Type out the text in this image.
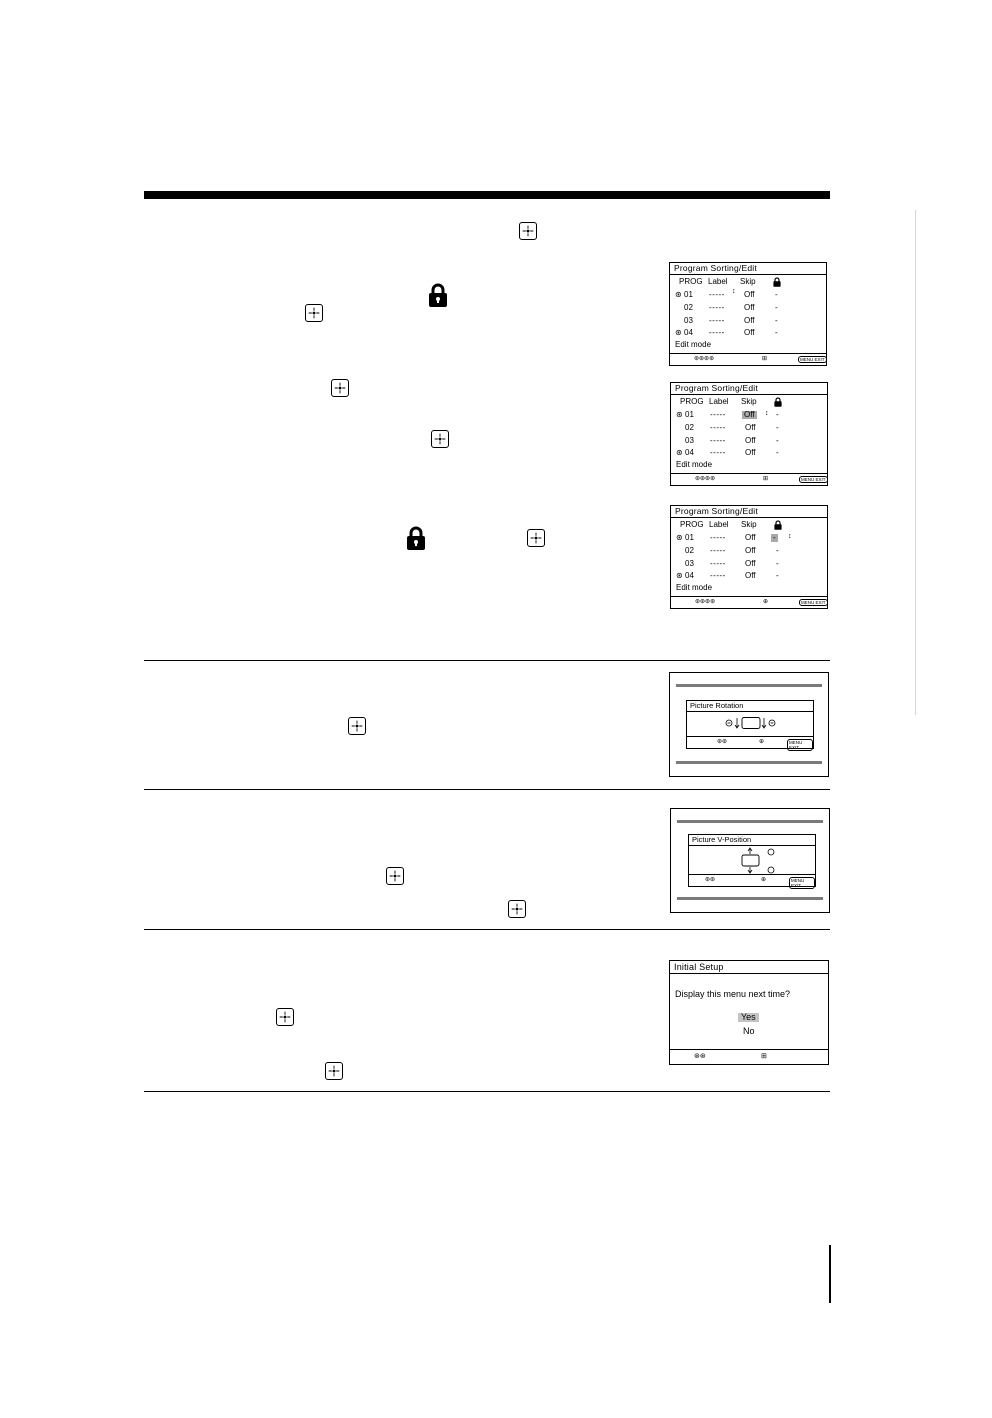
Program Sorting/Edit
PROG Label Skip
⊛ 01 ----- ↕ Off	-
02 ----- Off	-
03 ----- Off	-
⊛ 04 ----- Off	-
Edit mode
⊛⊛⊛⊛	⊞	MENU EXIT
Program Sorting/Edit
PROG Label Skip
⊛ 01 ----- Off ↕ -
02 ----- Off	-
03 ----- Off	-
⊛ 04 ----- Off	-
Edit mode
⊛⊛⊛⊛	⊞	MENU EXIT
Program Sorting/Edit
PROG Label Skip
⊛ 01 ----- Off - ↕
02 ----- Off	-
03 ----- Off	-
⊛ 04 ----- Off	-
Edit mode
⊛⊛⊛⊛	⊕	MENU EXIT
Picture Rotation
⊛⊛	⊕	MENU EXIT
Picture V-Position
⊛⊛	⊕	MENU EXIT
Initial Setup
Display this menu next time?
Yes
No
⊛⊛	⊞
